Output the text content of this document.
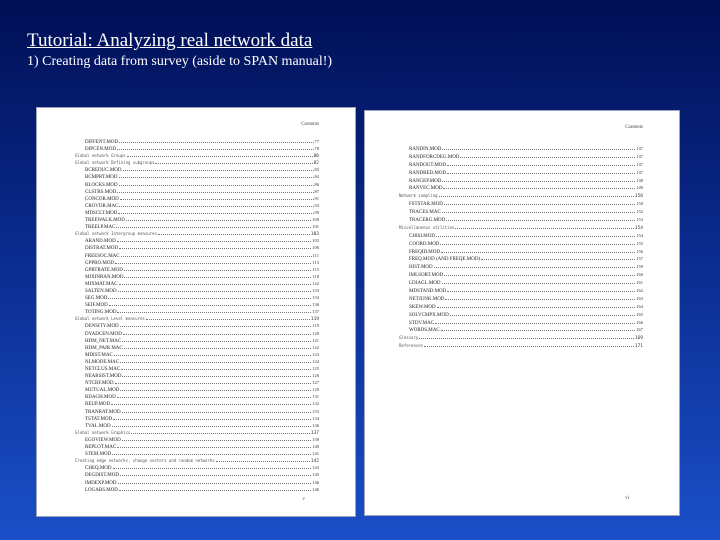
Tutorial: Analyzing real network data
1) Creating data from survey (aside to SPAN manual!)
Contents
DIFFENT.MOD	77
DIPCEN.MOD	78
Global network Groups	80
Global network Defining subgroups	82
BCREDUC.MOD	83
BCMPRT.MOD	84
BLOCKS.MOD	86
CLSTRS.MOD	87
CONCOR.MOD	91
CROVDR.MAC	94
MDSCLT.MOD	99
TREEWALK.MOD	100
TREELP.MAC	101
Global network Intergroup measures	103
ARAND.MOD	103
DISTRAT.MOD	106
FREESOC.MAC	111
GPPRO.MOD	113
GPRTRATE.MOD	115
MIXINRAN.MOD	118
MIXMAT.MAC	122
SALTEN.MOD	133
SEG.MOD	134
SEIF.MOD	136
TOTING.MOD	137
Global network Level measures	119
DENSITY.MOD	119
DYADCEN.MOD	120
HDM_NET.MAC	121
HDM_PAIR.MAC	122
MDIST.MAC	123
NLMODE.MAC	124
NETCLUS.MAC	125
NEARSIST.MOD	126
NTCRF.MOD	127
MUTUAL.MOD	129
RDAGH.MOD	131
REUP.MOD	132
TRANRAT.MOD	133
TSTAT.MOD	134
TVAL.MOD	136
Global network Graphics	137
EGOVIEW.MOD	138
REPLOT.MAC	140
STEM.MOD	141
Creating edge networks, change vectors and random networks	142
CHEQ.MOD	143
DEGDIST.MOD	145
IMDEXP.MOD	146
LOGABS.MOD	146
v
Contents
RANDIN.MOD	147
RANDFORCDEG.MOD	147
RANDOUT.MOD	147
RANDRED.MOD	147
RANGEP.MOD	148
RANVEC.MOD	149
Network sampling	150
FSTSTAR.MOD	150
TRACES.MAC	152
TRACERG.MOD	153
Miscellaneous utilities	154
CHISI.MOD	154
COORD.MOD	155
FREQID.MOD	156
FREQ.MOD (AND FREQE.MOD)	157
HIST.MOD	159
IMLSORT.MOD	160
LDIAGL.MOD	161
MDSTAND.MOD	162
NETJUNK.MOD	163
SKEW.MOD	164
SOLVCMPX.MOD	165
STDV.MAC	166
WORDS.MAC	167
Glossary	169
References	171
vi
